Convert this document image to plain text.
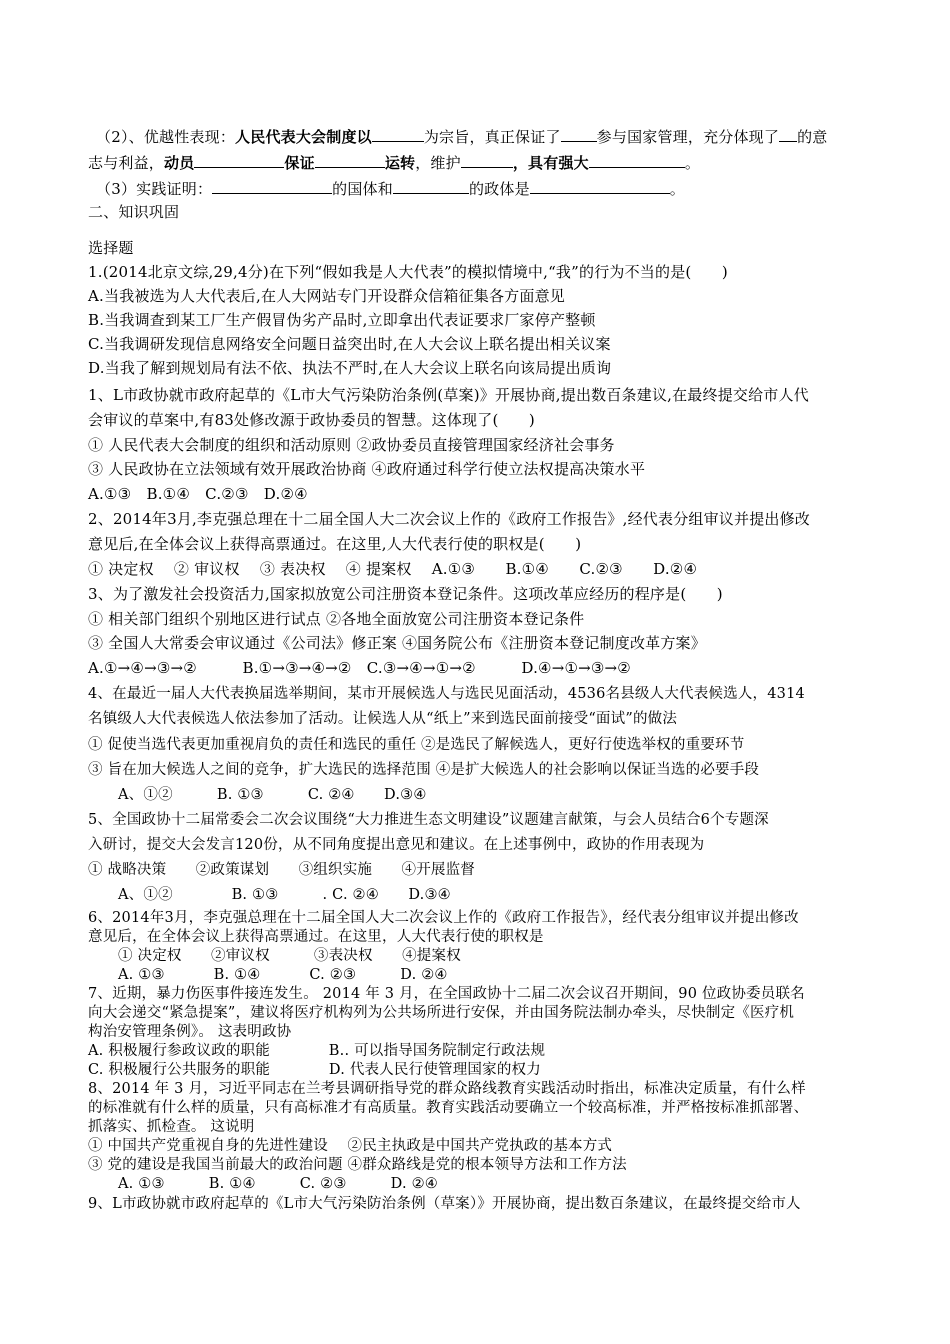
（2）、优越性表现：人民代表大会制度以	为宗旨，真正保证了 参与国家管理，充分体现了 的意
志与利益，动员	保证	运转，维护	，具有强大	。
（3）实践证明：	的国体和	的政体是	。
二、知识巩固
选择题
1.(2014北京文综,29,4分)在下列“假如我是人大代表”的模拟情境中,“我”的行为不当的是(　　)
A.当我被选为人大代表后,在人大网站专门开设群众信箱征集各方面意见
B.当我调查到某工厂生产假冒伪劣产品时,立即拿出代表证要求厂家停产整顿
C.当我调研发现信息网络安全问题日益突出时,在人大会议上联名提出相关议案
D.当我了解到规划局有法不依、执法不严时,在人大会议上联名向该局提出质询
1、L市政协就市政府起草的《L市大气污染防治条例(草案)》开展协商,提出数百条建议,在最终提交给市人代
会审议的草案中,有83处修改源于政协委员的智慧。这体现了(　　)
① 人民代表大会制度的组织和活动原则 ②政协委员直接管理国家经济社会事务
③ 人民政协在立法领域有效开展政治协商 ④政府通过科学行使立法权提高决策水平
A.①③　B.①④　C.②③　D.②④
2、2014年3月,李克强总理在十二届全国人大二次会议上作的《政府工作报告》,经代表分组审议并提出修改
意见后,在全体会议上获得高票通过。在这里,人大代表行使的职权是(　　)
① 决定权　 ② 审议权　 ③ 表决权　 ④ 提案权　 A.①③　　B.①④　　C.②③　　D.②④
3、为了激发社会投资活力,国家拟放宽公司注册资本登记条件。这项改革应经历的程序是(　　)
① 相关部门组织个别地区进行试点 ②各地全面放宽公司注册资本登记条件
③ 全国人大常委会审议通过《公司法》修正案 ④国务院公布《注册资本登记制度改革方案》
A.①→④→③→②　　　B.①→③→④→②　C.③→④→①→②　　　D.④→①→③→②
4、在最近一届人大代表换届选举期间，某市开展候选人与选民见面活动，4536名县级人大代表候选人，4314
名镇级人大代表候选人依法参加了活动。让候选人从“纸上”来到选民面前接受“面试”的做法
① 促使当选代表更加重视肩负的责任和选民的重任 ②是选民了解候选人，更好行使选举权的重要环节
③ 旨在加大候选人之间的竞争，扩大选民的选择范围 ④是扩大候选人的社会影响以保证当选的必要手段
A、①②　　　B. ①③　　　C. ②④　　D.③④
5、全国政协十二届常委会二次会议围绕“大力推进生态文明建设”议题建言献策，与会人员结合6个专题深
入研讨，提交大会发言120份，从不同角度提出意见和建议。在上述事例中，政协的作用表现为
① 战略决策　　②政策谋划　　③组织实施　　④开展监督
A、①②　　　　B. ①③　　　. C. ②④　　D.③④
6、2014年3月，李克强总理在十二届全国人大二次会议上作的《政府工作报告》，经代表分组审议并提出修改
意见后，在全体会议上获得高票通过。在这里，人大代表行使的职权是
① 决定权　　②审议权　　　③表决权　　④提案权
A. ①③　　　 B. ①④　　　 C. ②③　　　D. ②④
7、近期，暴力伤医事件接连发生。 2014 年 3 月，在全国政协十二届二次会议召开期间，90 位政协委员联名
向大会递交“紧急提案”，建议将医疗机构列为公共场所进行安保，并由国务院法制办牵头，尽快制定《医疗机
构治安管理条例》。 这表明政协
A. 积极履行参政议政的职能　　　　B.. 可以指导国务院制定行政法规
C. 积极履行公共服务的职能　　　　D. 代表人民行使管理国家的权力
8、2014 年 3 月，习近平同志在兰考县调研指导党的群众路线教育实践活动时指出，标准决定质量，有什么样
的标准就有什么样的质量，只有高标准才有高质量。教育实践活动要确立一个较高标准，并严格按标准抓部署、
抓落实、抓检查。 这说明
① 中国共产党重视自身的先进性建设　 ②民主执政是中国共产党执政的基本方式
③ 党的建设是我国当前最大的政治问题 ④群众路线是党的根本领导方法和工作方法
A. ①③　　　B. ①④　　　C. ②③　　　D. ②④
9、L市政协就市政府起草的《L市大气污染防治条例（草案）》开展协商，提出数百条建议，在最终提交给市人
